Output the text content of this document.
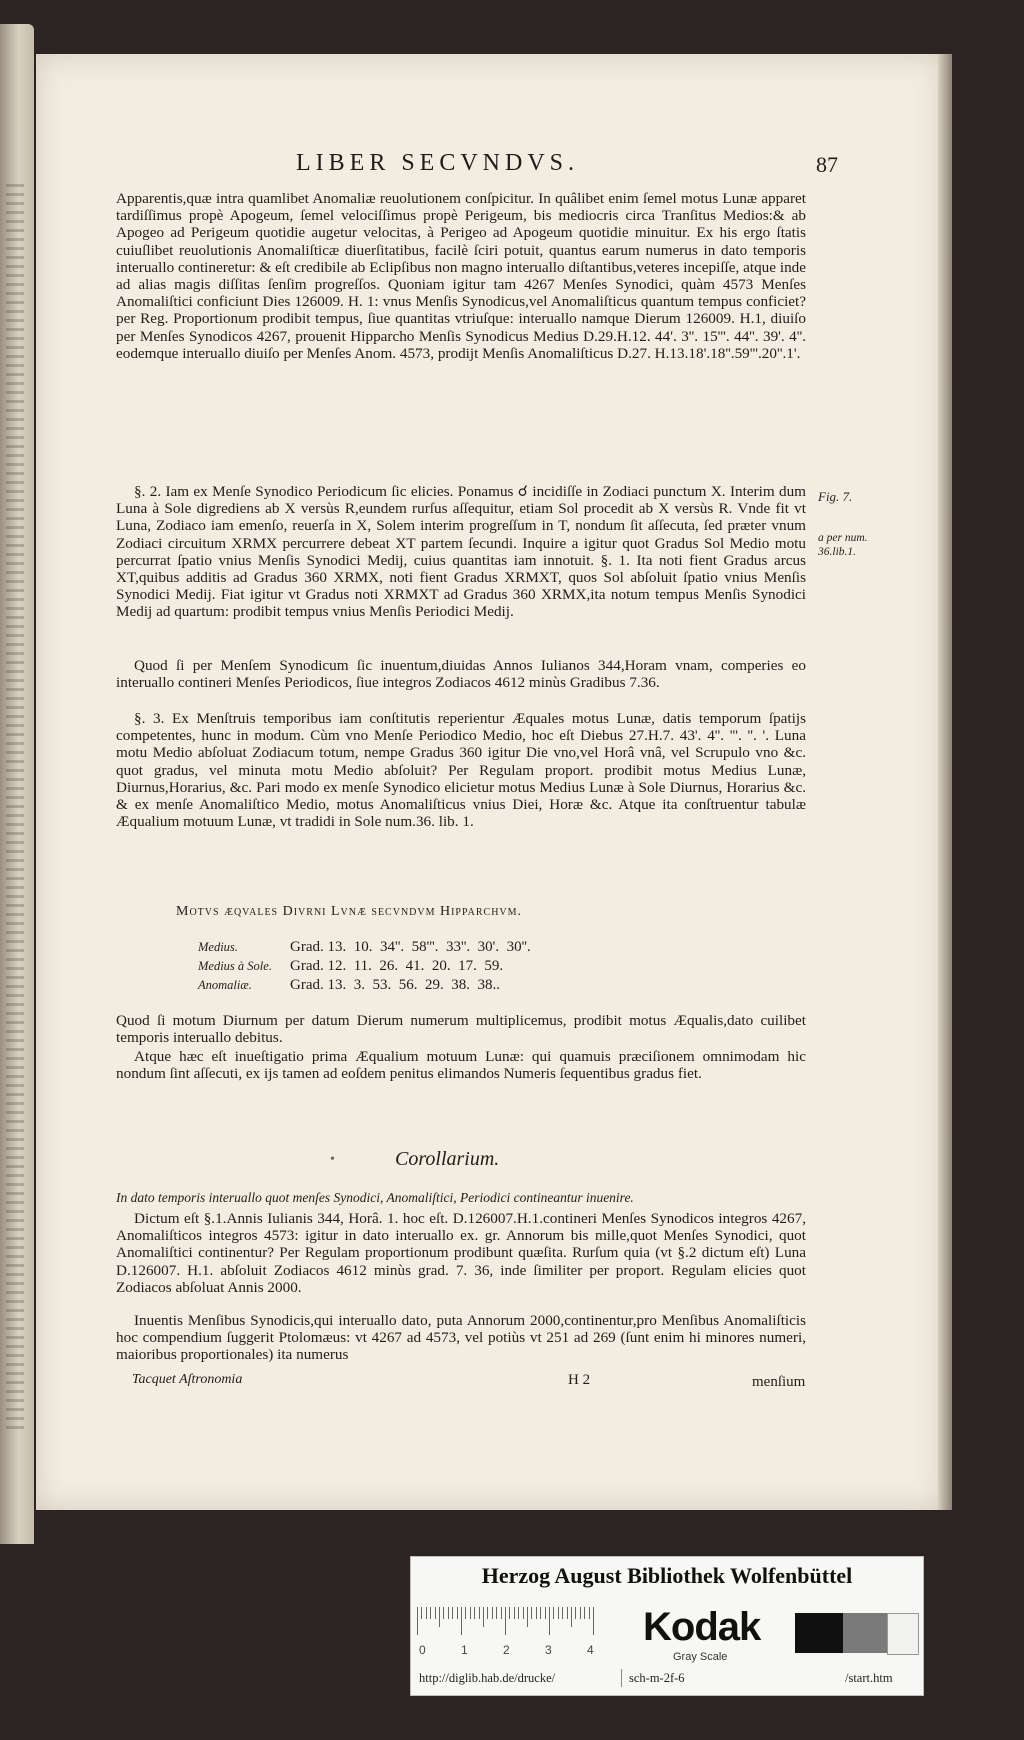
LIBER SECVNDVS.	87

Apparentis,quæ intra quamlibet Anomaliæ reuolutionem conſpicitur. In quâlibet enim ſemel motus Lunæ apparet tardiſſimus propè Apogeum, ſemel velociſſimus propè Perigeum, bis mediocris circa Tranſitus Medios:& ab Apogeo ad Perigeum quotidie augetur velocitas, à Perigeo ad Apogeum quotidie minuitur. Ex his ergo ſtatis cuiuſlibet reuolutionis Anomaliſticæ diuerſitatibus, facilè ſciri potuit, quantus earum numerus in dato temporis interuallo contineretur: & eſt credibile ab Eclipſibus non magno interuallo diſtantibus,veteres incepiſſe, atque inde ad alias magis diſſitas ſenſim progreſſos. Quoniam igitur tam 4267 Menſes Synodici, quàm 4573 Menſes Anomaliſtici conficiunt Dies 126009. H. 1: vnus Menſis Synodicus,vel Anomaliſticus quantum tempus conficiet? per Reg. Proportionum prodibit tempus, ſiue quantitas vtriuſque: interuallo namque Dierum 126009. H.1, diuiſo per Menſes Synodicos 4267, prouenit Hipparcho Menſis Synodicus Medius D.29.H.12. 44'. 3''. 15'''. 44''. 39'. 4''. eodemque interuallo diuiſo per Menſes Anom. 4573, prodijt Menſis Anomaliſticus D.27. H.13.18'.18''.59'''.20''.1'.

§. 2. Iam ex Menſe Synodico Periodicum ſic elicies. Ponamus ☌ incidiſſe in Zodiaci punctum X. Interim dum Luna à Sole digrediens ab X versùs R,eundem rurſus aſſequitur, etiam Sol procedit ab X versùs R. Vnde fit vt Luna, Zodiaco iam emenſo, reuerſa in X, Solem interim progreſſum in T, nondum ſit aſſecuta, ſed præter vnum Zodiaci circuitum XRMX percurrere debeat XT partem ſecundi. Inquire a igitur quot Gradus Sol Medio motu percurrat ſpatio vnius Menſis Synodici Medij, cuius quantitas iam innotuit. §. 1. Ita noti fient Gradus arcus XT,quibus additis ad Gradus 360 XRMX, noti fient Gradus XRMXT, quos Sol abſoluit ſpatio vnius Menſis Synodici Medij. Fiat igitur vt Gradus noti XRMXT ad Gradus 360 XRMX,ita notum tempus Menſis Synodici Medij ad quartum: prodibit tempus vnius Menſis Periodici Medij.

Quod ſi per Menſem Synodicum ſic inuentum,diuidas Annos Iulianos 344,Horam vnam, comperies eo interuallo contineri Menſes Periodicos, ſiue integros Zodiacos 4612 minùs Gradibus 7.36.

§. 3. Ex Menſtruis temporibus iam conſtitutis reperientur Æquales motus Lunæ, datis temporum ſpatijs competentes, hunc in modum. Cùm vno Menſe Periodico Medio, hoc eſt Diebus 27.H.7. 43'. 4''. '''. ''. '. Luna motu Medio abſoluat Zodiacum totum, nempe Gradus 360 igitur Die vno,vel Horâ vnâ, vel Scrupulo vno &c. quot gradus, vel minuta motu Medio abſoluit? Per Regulam proport. prodibit motus Medius Lunæ, Diurnus,Horarius, &c. Pari modo ex menſe Synodico elicietur motus Medius Lunæ à Sole Diurnus, Horarius &c. & ex menſe Anomaliſtico Medio, motus Anomaliſticus vnius Diei, Horæ &c. Atque ita conſtruentur tabulæ Æqualium motuum Lunæ, vt tradidi in Sole num.36. lib. 1.

Fig. 7.
a per num.
36.lib.1.
Motvs æqvales Divrni Lvnæ secvndvm Hipparchvm.
Medius.	Grad. 13.  10.  34''.  58'''.  33''.  30'.  30''.
Medius à Sole.	Grad. 12.  11.  26.  41.  20.  17.  59.
Anomaliæ.	Grad. 13.  3.  53.  56.  29.  38.  38..

Quod ſi motum Diurnum per datum Dierum numerum multiplicemus, prodibit motus Æqualis,dato cuilibet temporis interuallo debitus.

Atque hæc eſt inueſtigatio prima Æqualium motuum Lunæ: qui quamuis præciſionem omnimodam hic nondum ſint aſſecuti, ex ijs tamen ad eoſdem penitus elimandos Numeris ſequentibus gradus fiet.

•	Corollarium.
In dato temporis interuallo quot menſes Synodici, Anomaliſtici, Periodici contineantur inuenire.

Dictum eſt §.1.Annis Iulianis 344, Horâ. 1. hoc eſt. D.126007.H.1.contineri Menſes Synodicos integros 4267, Anomaliſticos integros 4573: igitur in dato interuallo ex. gr. Annorum bis mille,quot Menſes Synodici, quot Anomaliſtici continentur? Per Regulam proportionum prodibunt quæſita. Rurſum quia (vt §.2 dictum eſt) Luna D.126007. H.1. abſoluit Zodiacos 4612 minùs grad. 7. 36, inde ſimiliter per proport. Regulam elicies quot Zodiacos abſoluat Annis 2000.

Inuentis Menſibus Synodicis,qui interuallo dato, puta Annorum 2000,continentur,pro Menſibus Anomaliſticis hoc compendium ſuggerit Ptolomæus: vt 4267 ad 4573, vel potiùs vt 251 ad 269 (ſunt enim hi minores numeri, maioribus proportionales) ita numerus

Tacquet Aſtronomia	H 2	menſium
Herzog August Bibliothek Wolfenbüttel
0	1	2	3	4
Kodak
Gray Scale
http://diglib.hab.de/drucke/	sch-m-2f-6	/start.htm
